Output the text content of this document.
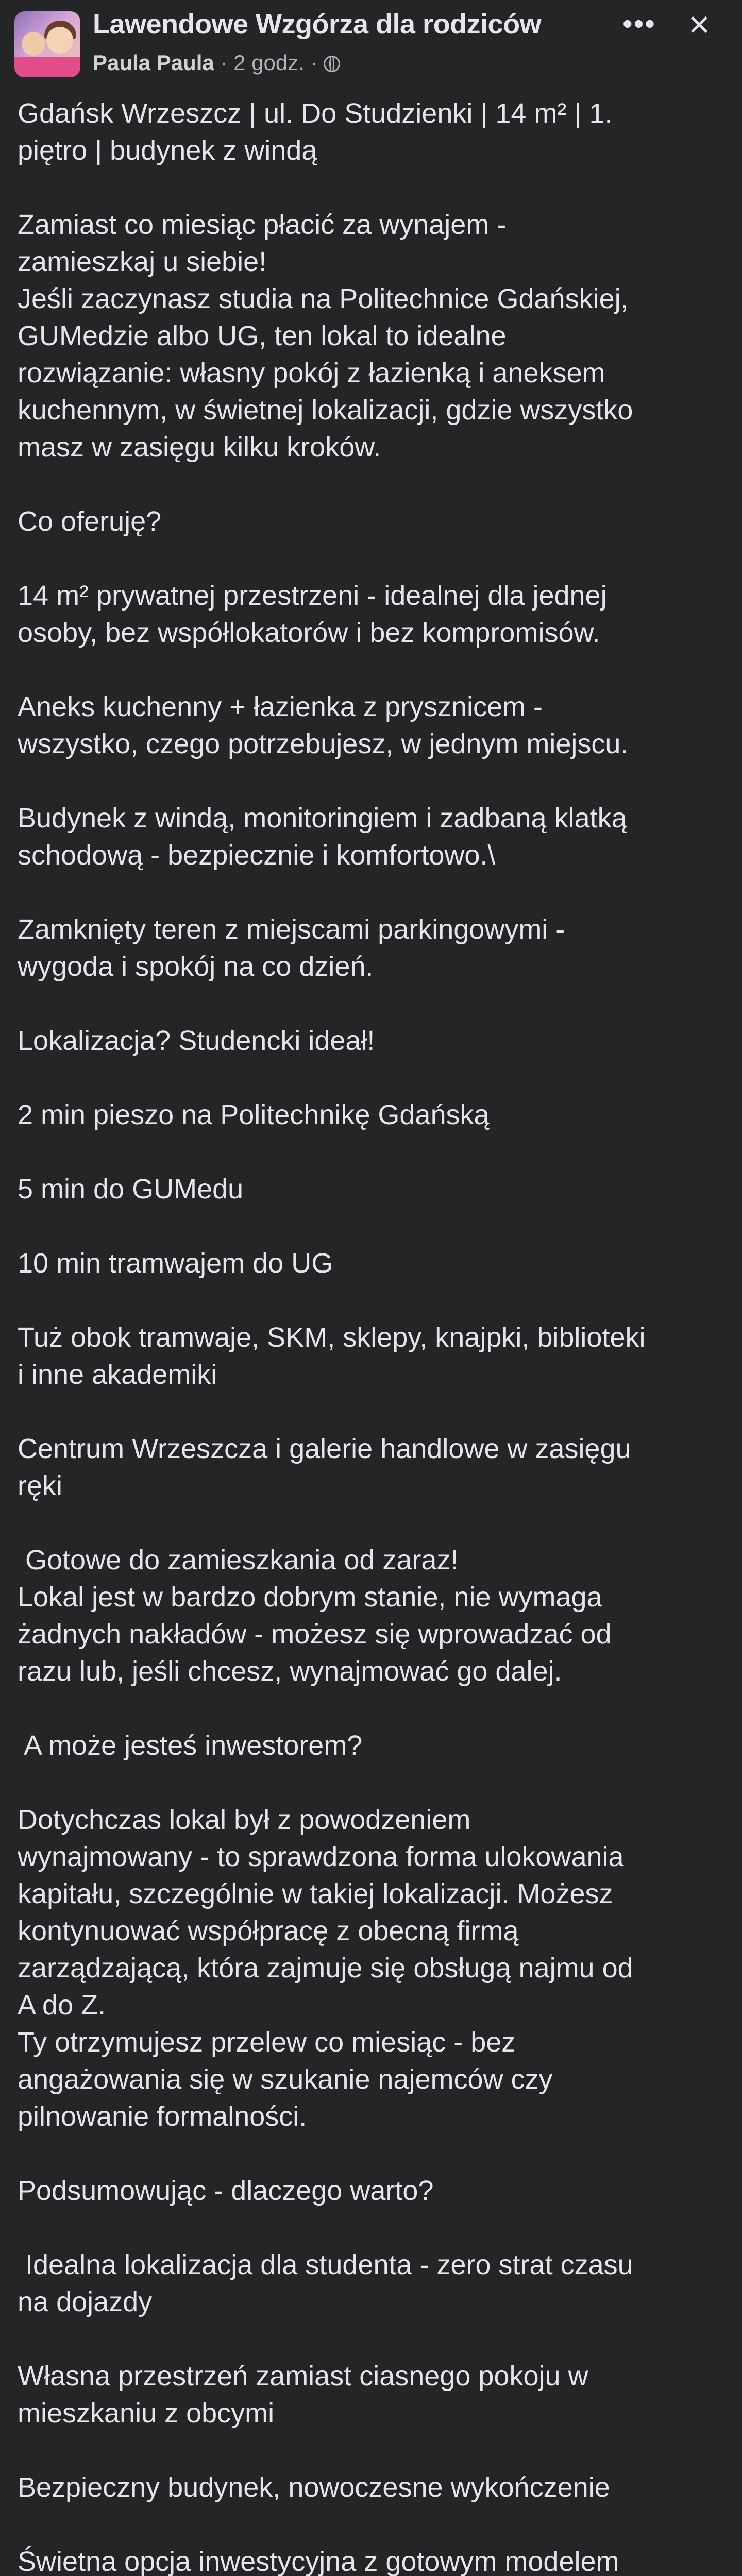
Lawendowe Wzgórza dla rodziców
Paula Paula · 2 godz. ·
••• ×
Gdańsk Wrzeszcz | ul. Do Studzienki | 14 m² | 1.
piętro | budynek z windą
Zamiast co miesiąc płacić za wynajem -
zamieszkaj u siebie!
Jeśli zaczynasz studia na Politechnice Gdańskiej,
GUMedzie albo UG, ten lokal to idealne
rozwiązanie: własny pokój z łazienką i aneksem
kuchennym, w świetnej lokalizacji, gdzie wszystko
masz w zasięgu kilku kroków.
Co oferuję?
14 m² prywatnej przestrzeni - idealnej dla jednej
osoby, bez współlokatorów i bez kompromisów.
Aneks kuchenny + łazienka z prysznicem -
wszystko, czego potrzebujesz, w jednym miejscu.
Budynek z windą, monitoringiem i zadbaną klatką
schodową - bezpiecznie i komfortowo.\
Zamknięty teren z miejscami parkingowymi -
wygoda i spokój na co dzień.
Lokalizacja? Studencki ideał!
2 min pieszo na Politechnikę Gdańską
5 min do GUMedu
10 min tramwajem do UG
Tuż obok tramwaje, SKM, sklepy, knajpki, biblioteki
i inne akademiki
Centrum Wrzeszcza i galerie handlowe w zasięgu
ręki
Gotowe do zamieszkania od zaraz!
Lokal jest w bardzo dobrym stanie, nie wymaga
żadnych nakładów - możesz się wprowadzać od
razu lub, jeśli chcesz, wynajmować go dalej.
A może jesteś inwestorem?
Dotychczas lokal był z powodzeniem
wynajmowany - to sprawdzona forma ulokowania
kapitału, szczególnie w takiej lokalizacji. Możesz
kontynuować współpracę z obecną firmą
zarządzającą, która zajmuje się obsługą najmu od
A do Z.
Ty otrzymujesz przelew co miesiąc - bez
angażowania się w szukanie najemców czy
pilnowanie formalności.
Podsumowując - dlaczego warto?
Idealna lokalizacja dla studenta - zero strat czasu
na dojazdy
Własna przestrzeń zamiast ciasnego pokoju w
mieszkaniu z obcymi
Bezpieczny budynek, nowoczesne wykończenie
Świetna opcja inwestycyjna z gotowym modelem
